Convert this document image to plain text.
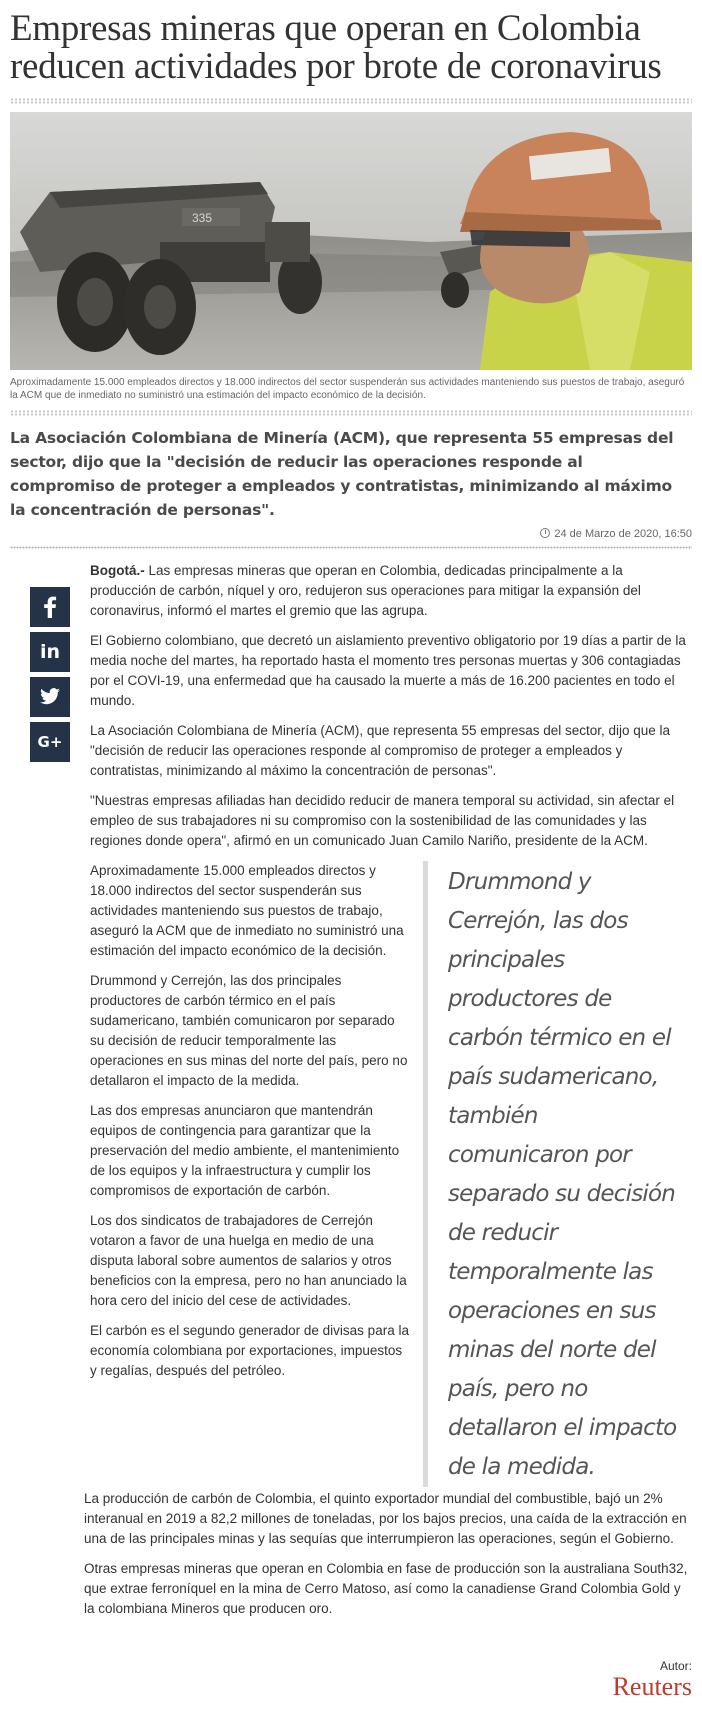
Empresas mineras que operan en Colombia reducen actividades por brote de coronavirus
335

Aproximadamente 15.000 empleados directos y 18.000 indirectos del sector suspenderán sus actividades manteniendo sus puestos de trabajo, aseguró la ACM que de inmediato no suministró una estimación del impacto económico de la decisión.

La Asociación Colombiana de Minería (ACM), que representa 55 empresas del sector, dijo que la "decisión de reducir las operaciones responde al compromiso de proteger a empleados y contratistas, minimizando al máximo la concentración de personas".

24 de Marzo de 2020, 16:50
in
G+

Bogotá.- Las empresas mineras que operan en Colombia, dedicadas principalmente a la producción de carbón, níquel y oro, redujeron sus operaciones para mitigar la expansión del coronavirus, informó el martes el gremio que las agrupa.

El Gobierno colombiano, que decretó un aislamiento preventivo obligatorio por 19 días a partir de la media noche del martes, ha reportado hasta el momento tres personas muertas y 306 contagiadas por el COVI-19, una enfermedad que ha causado la muerte a más de 16.200 pacientes en todo el mundo.

La Asociación Colombiana de Minería (ACM), que representa 55 empresas del sector, dijo que la "decisión de reducir las operaciones responde al compromiso de proteger a empleados y contratistas, minimizando al máximo la concentración de personas".

"Nuestras empresas afiliadas han decidido reducir de manera temporal su actividad, sin afectar el empleo de sus trabajadores ni su compromiso con la sostenibilidad de las comunidades y las regiones donde opera", afirmó en un comunicado Juan Camilo Nariño, presidente de la ACM.

Aproximadamente 15.000 empleados directos y 18.000 indirectos del sector suspenderán sus actividades manteniendo sus puestos de trabajo, aseguró la ACM que de inmediato no suministró una estimación del impacto económico de la decisión.

Drummond y Cerrejón, las dos principales productores de carbón térmico en el país sudamericano, también comunicaron por separado su decisión de reducir temporalmente las operaciones en sus minas del norte del país, pero no detallaron el impacto de la medida.

Las dos empresas anunciaron que mantendrán equipos de contingencia para garantizar que la preservación del medio ambiente, el mantenimiento de los equipos y la infraestructura y cumplir los compromisos de exportación de carbón.

Los dos sindicatos de trabajadores de Cerrejón votaron a favor de una huelga en medio de una disputa laboral sobre aumentos de salarios y otros beneficios con la empresa, pero no han anunciado la hora cero del inicio del cese de actividades.

El carbón es el segundo generador de divisas para la economía colombiana por exportaciones, impuestos y regalías, después del petróleo.

Drummond y Cerrejón, las dos principales productores de carbón térmico en el país sudamericano, también comunicaron por separado su decisión de reducir temporalmente las operaciones en sus minas del norte del país, pero no detallaron el impacto de la medida.

La producción de carbón de Colombia, el quinto exportador mundial del combustible, bajó un 2% interanual en 2019 a 82,2 millones de toneladas, por los bajos precios, una caída de la extracción en una de las principales minas y las sequías que interrumpieron las operaciones, según el Gobierno.

Otras empresas mineras que operan en Colombia en fase de producción son la australiana South32, que extrae ferroníquel en la mina de Cerro Matoso, así como la canadiense Grand Colombia Gold y la colombiana Mineros que producen oro.

Autor:
Reuters
